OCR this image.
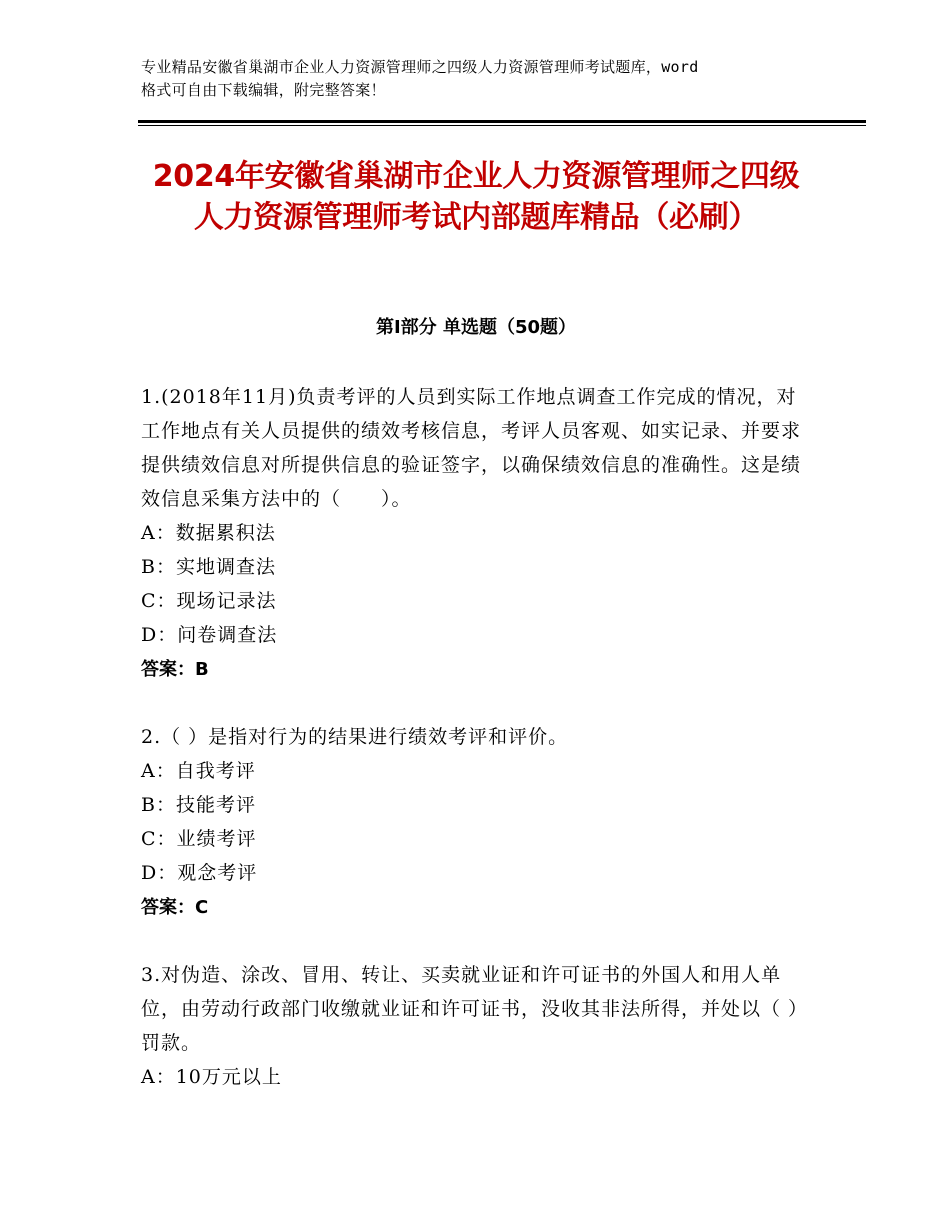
专业精品安徽省巢湖市企业人力资源管理师之四级人力资源管理师考试题库，word
格式可自由下载编辑，附完整答案！
2024年安徽省巢湖市企业人力资源管理师之四级人力资源管理师考试内部题库精品（必刷）
第Ⅰ部分 单选题（50题）
1.(2018年11月)负责考评的人员到实际工作地点调查工作完成的情况，对工作地点有关人员提供的绩效考核信息，考评人员客观、如实记录、并要求提供绩效信息对所提供信息的验证签字，以确保绩效信息的准确性。这是绩效信息采集方法中的（　　）。
A：数据累积法
B：实地调查法
C：现场记录法
D：问卷调查法
答案：B
2.（ ）是指对行为的结果进行绩效考评和评价。
A：自我考评
B：技能考评
C：业绩考评
D：观念考评
答案：C
3.对伪造、涂改、冒用、转让、买卖就业证和许可证书的外国人和用人单位，由劳动行政部门收缴就业证和许可证书，没收其非法所得，并处以（ ）罚款。
A：10万元以上
